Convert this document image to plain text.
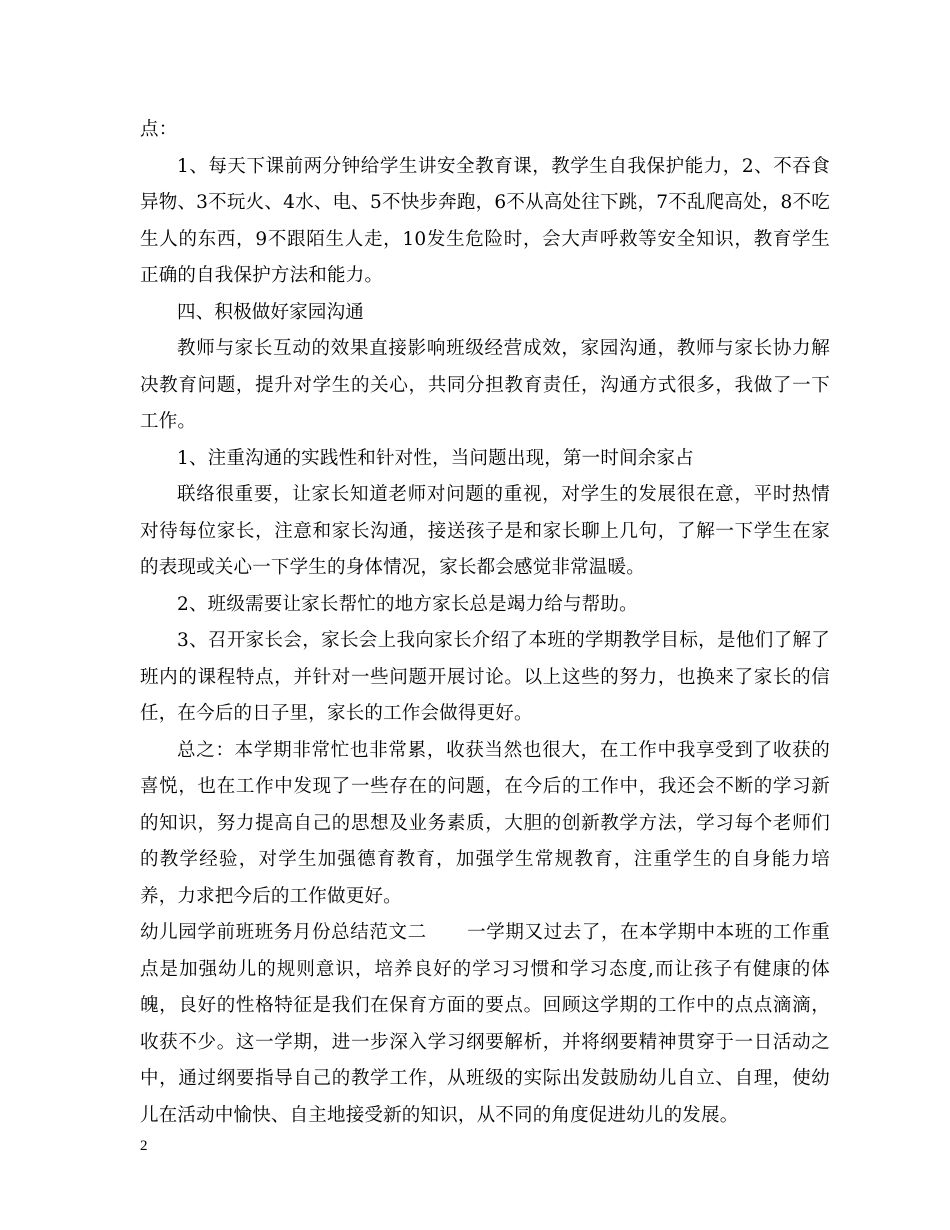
点：

1、每天下课前两分钟给学生讲安全教育课，教学生自我保护能力，2、不吞食异物、3不玩火、4水、电、5不快步奔跑，6不从高处往下跳，7不乱爬高处，8不吃生人的东西，9不跟陌生人走，10发生危险时，会大声呼救等安全知识，教育学生正确的自我保护方法和能力。

四、积极做好家园沟通

教师与家长互动的效果直接影响班级经营成效，家园沟通，教师与家长协力解决教育问题，提升对学生的关心，共同分担教育责任，沟通方式很多，我做了一下工作。

1、注重沟通的实践性和针对性，当问题出现，第一时间余家占

联络很重要，让家长知道老师对问题的重视，对学生的发展很在意，平时热情对待每位家长，注意和家长沟通，接送孩子是和家长聊上几句，了解一下学生在家的表现或关心一下学生的身体情况，家长都会感觉非常温暖。

2、班级需要让家长帮忙的地方家长总是竭力给与帮助。

3、召开家长会，家长会上我向家长介绍了本班的学期教学目标，是他们了解了班内的课程特点，并针对一些问题开展讨论。以上这些的努力，也换来了家长的信任，在今后的日子里，家长的工作会做得更好。

总之：本学期非常忙也非常累，收获当然也很大，在工作中我享受到了收获的喜悦，也在工作中发现了一些存在的问题，在今后的工作中，我还会不断的学习新的知识，努力提高自己的思想及业务素质，大胆的创新教学方法，学习每个老师们的教学经验，对学生加强德育教育，加强学生常规教育，注重学生的自身能力培养，力求把今后的工作做更好。

幼儿园学前班班务月份总结范文二 一学期又过去了，在本学期中本班的工作重点是加强幼儿的规则意识，培养良好的学习习惯和学习态度,而让孩子有健康的体魄，良好的性格特征是我们在保育方面的要点。回顾这学期的工作中的点点滴滴，收获不少。这一学期，进一步深入学习纲要解析，并将纲要精神贯穿于一日活动之中，通过纲要指导自己的教学工作，从班级的实际出发鼓励幼儿自立、自理，使幼儿在活动中愉快、自主地接受新的知识，从不同的角度促进幼儿的发展。

2
